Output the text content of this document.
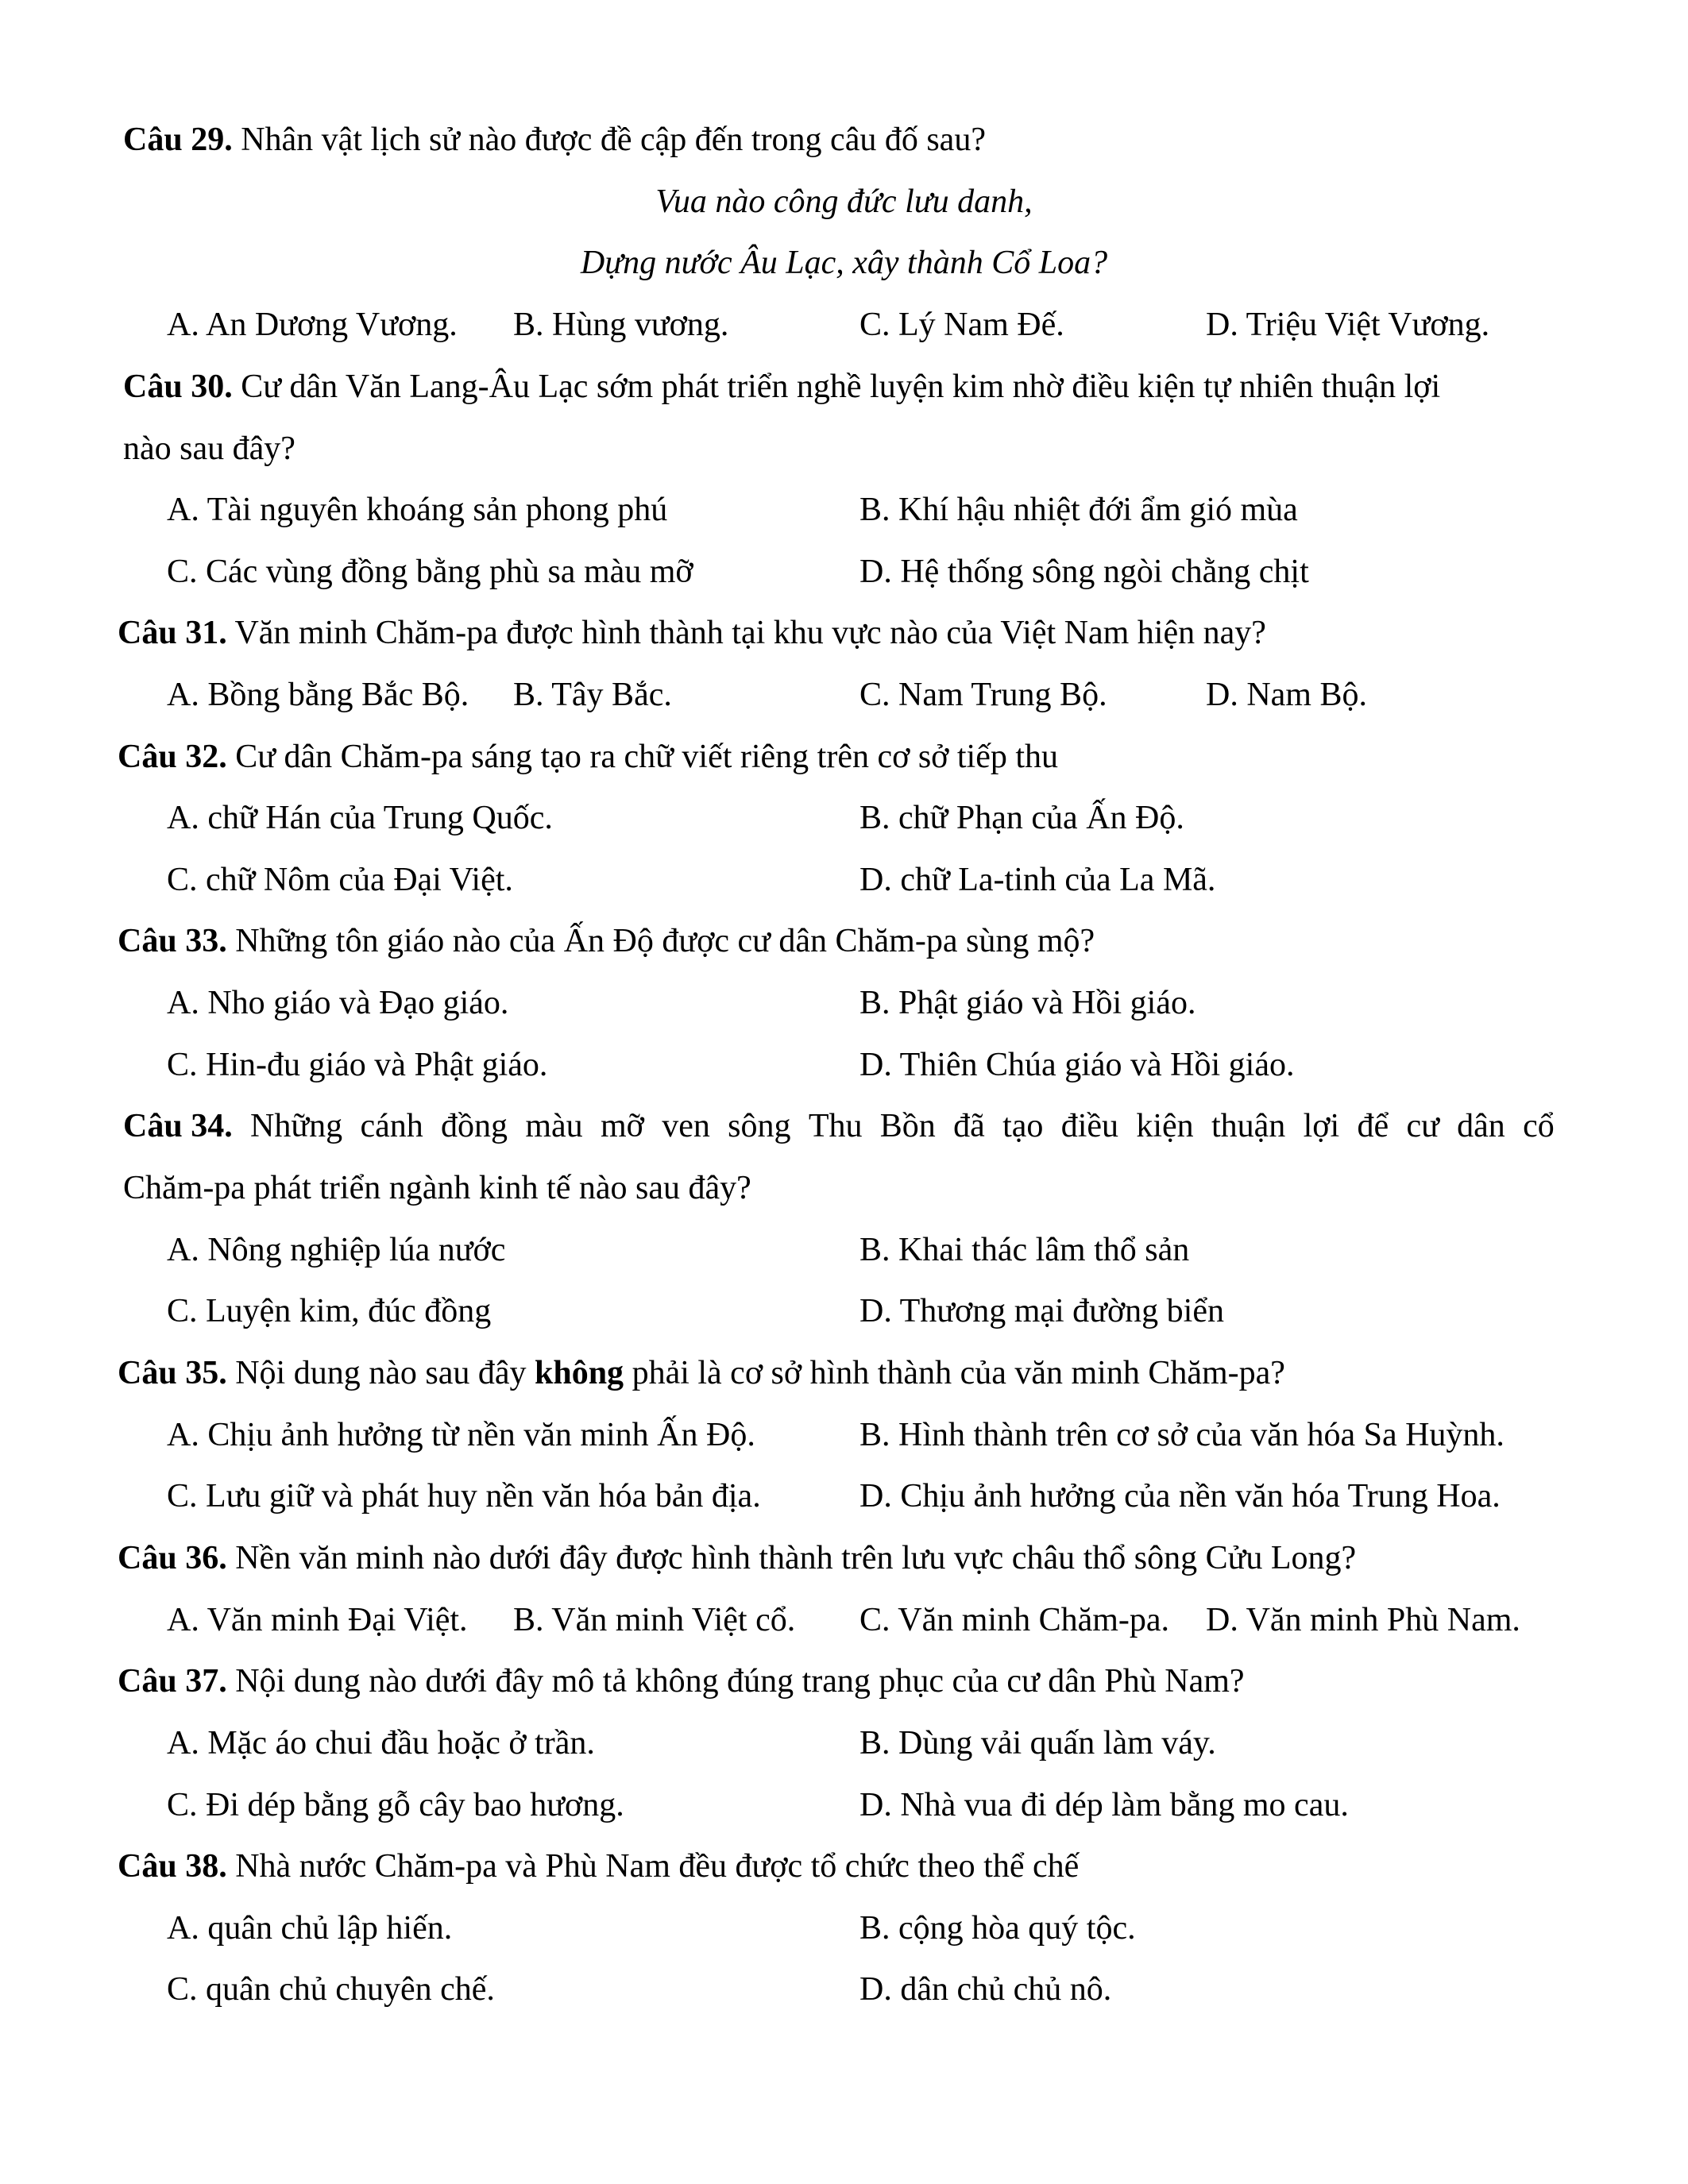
Câu 29. Nhân vật lịch sử nào được đề cập đến trong câu đố sau?
Vua nào công đức lưu danh,
Dựng nước Âu Lạc, xây thành Cổ Loa?
A. An Dương Vương. B. Hùng vương.	C. Lý Nam Đế.	D. Triệu Việt Vương.
Câu 30. Cư dân Văn Lang-Âu Lạc sớm phát triển nghề luyện kim nhờ điều kiện tự nhiên thuận lợi
nào sau đây?
A. Tài nguyên khoáng sản phong phú	B. Khí hậu nhiệt đới ẩm gió mùa
C. Các vùng đồng bằng phù sa màu mỡ	D. Hệ thống sông ngòi chằng chịt
Câu 31. Văn minh Chăm-pa được hình thành tại khu vực nào của Việt Nam hiện nay?
A. Bồng bằng Bắc Bộ. B. Tây Bắc.	C. Nam Trung Bộ.	D. Nam Bộ.
Câu 32. Cư dân Chăm-pa sáng tạo ra chữ viết riêng trên cơ sở tiếp thu
A. chữ Hán của Trung Quốc.	B. chữ Phạn của Ấn Độ.
C. chữ Nôm của Đại Việt.	D. chữ La-tinh của La Mã.
Câu 33. Những tôn giáo nào của Ấn Độ được cư dân Chăm-pa sùng mộ?
A. Nho giáo và Đạo giáo.	B. Phật giáo và Hồi giáo.
C. Hin-đu giáo và Phật giáo.	D. Thiên Chúa giáo và Hồi giáo.
Câu 34. Những cánh đồng màu mỡ ven sông Thu Bồn đã tạo điều kiện thuận lợi để cư dân cổ
Chăm-pa phát triển ngành kinh tế nào sau đây?
A. Nông nghiệp lúa nước	B. Khai thác lâm thổ sản
C. Luyện kim, đúc đồng	D. Thương mại đường biển
Câu 35. Nội dung nào sau đây không phải là cơ sở hình thành của văn minh Chăm-pa?
A. Chịu ảnh hưởng từ nền văn minh Ấn Độ.	B. Hình thành trên cơ sở của văn hóa Sa Huỳnh.
C. Lưu giữ và phát huy nền văn hóa bản địa.	D. Chịu ảnh hưởng của nền văn hóa Trung Hoa.
Câu 36. Nền văn minh nào dưới đây được hình thành trên lưu vực châu thổ sông Cửu Long?
A. Văn minh Đại Việt. B. Văn minh Việt cổ. C. Văn minh Chăm-pa. D. Văn minh Phù Nam.
Câu 37. Nội dung nào dưới đây mô tả không đúng trang phục của cư dân Phù Nam?
A. Mặc áo chui đầu hoặc ở trần.	B. Dùng vải quấn làm váy.
C. Đi dép bằng gỗ cây bao hương.	D. Nhà vua đi dép làm bằng mo cau.
Câu 38. Nhà nước Chăm-pa và Phù Nam đều được tổ chức theo thể chế
A. quân chủ lập hiến.	B. cộng hòa quý tộc.
C. quân chủ chuyên chế.	D. dân chủ chủ nô.
